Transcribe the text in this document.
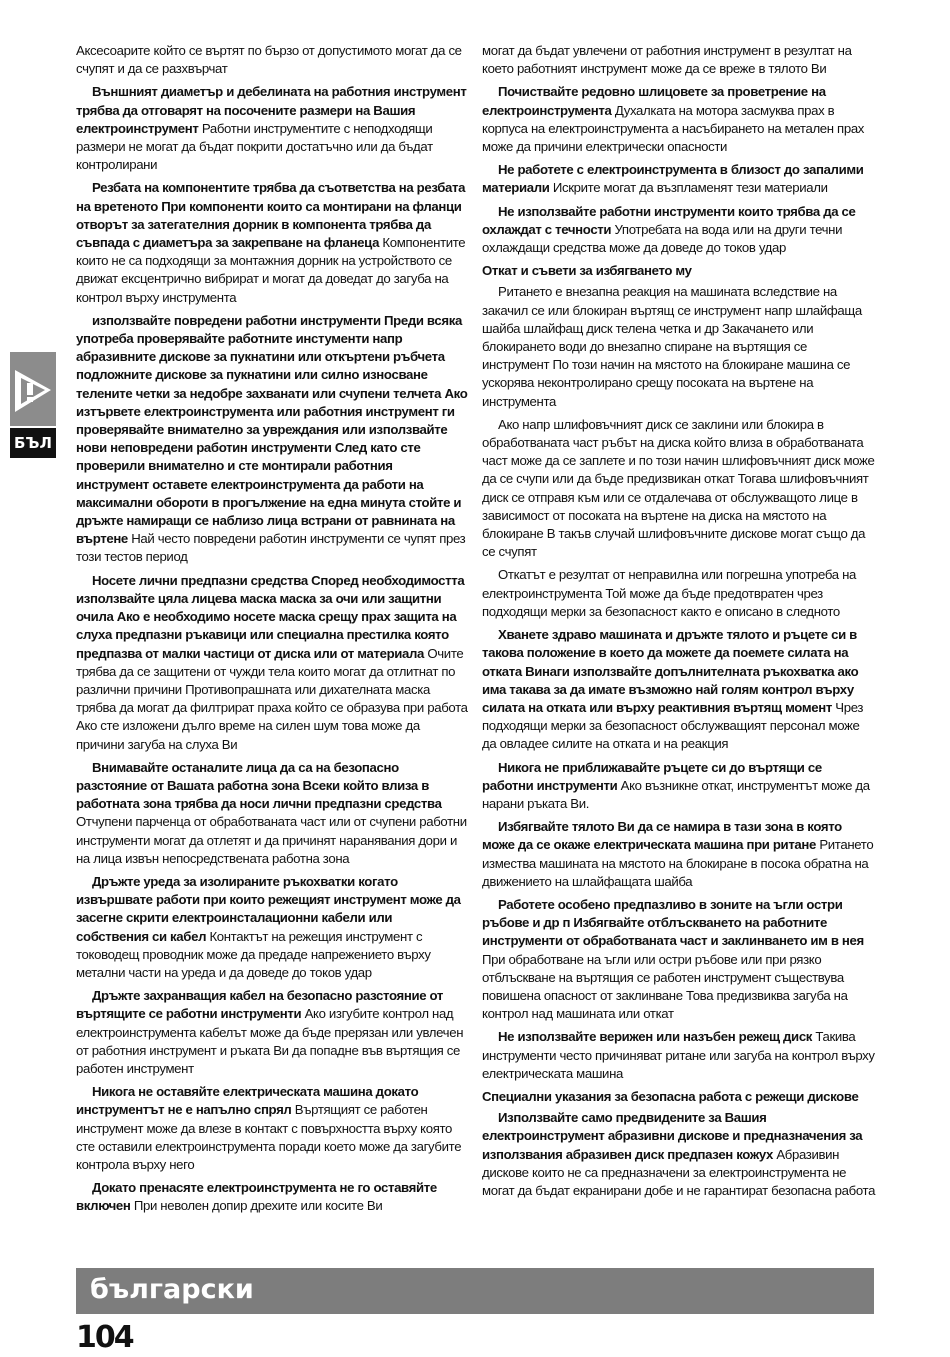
БЪЛ

Аксесоарите който се въртят по бързо от допустимото могат да се счупят и да се разхвърчат

Външният диаметър и дебелината на работния инструмент трябва да отговарят на посочените размери на Вашия електроинструмент Работни инструментите с неподходящи размери не могат да бъдат покрити достатъчно или да бъдат контролирани

Резбата на компонентите трябва да съответства на резбата на вретеното При компоненти които са монтирани на фланци отворът за затегателния дорник в компонента трябва да съвпада с диаметъра за закрепване на фланеца Компонентите които не са подходящи за монтажния дорник на устройството се движат ексцентрично вибрират и могат да доведат до загуба на контрол върху инструмента

използвайте повредени работни инструменти Преди всяка употреба проверявайте работните инстументи напр абразивните дискове за пукнатини или откъртени ръбчета подложните дискове за пукнатини или силно износване телените четки за недобре захванати или счупени телчета Ако изтървете електроинструмента или работния инструмент ги проверявайте внимателно за увреждания или използвайте нови неповредени работин инструменти След като сте проверили внимателно и сте монтирали работния инструмент оставете електроинструмента да работи на максимални обороти в прогължение на една минута стойте и дръжте намиращи се наблизо лица встрани от равнината на въртене Най често повредени работин инструменти се чупят през този тестов период

Носете лични предпазни средства Според необходимостта използвайте цяла лицева маска маска за очи или защитни очила Ако е необходимо носете маска срещу прах защита на слуха предпазни ръкавици или специална престилка която предпазва от малки частици от диска или от материала Очите трябва да се защитени от чужди тела които могат да отлитнат по различни причини Противопрашната или дихателната маска трябва да могат да филтрират праха който се образува при работа Ако сте изложени дълго време на силен шум това може да причини загуба на слуха Ви

Внимавайте останалите лица да са на безопасно разстояние от Вашата работна зона Всеки който влиза в работната зона трябва да носи лични предпазни средства Отчупени парченца от обработваната част или от счупени работни инструменти могат да отлетят и да причинят наранявания дори и на лица извън непосредствената работна зона

Дръжте уреда за изолираните ръкохватки когато извършвате работи при които режещият инструмент може да засегне скрити електроинсталационни кабели или собствения си кабел Контактът на режещия инструмент с тоководещ проводник може да предаде напрежението върху метални части на уреда и да доведе до токов удар

Дръжте захранващия кабел на безопасно разстояние от въртящите се работни инструменти Ако изгубите контрол над електроинструмента кабелът може да бъде прерязан или увлечен от работния инструмент и ръката Ви да попадне във въртящия се работен инструмент

Никога не оставяйте електрическата машина докато инструментът не е напълно спрял Въртящият се работен инструмент може да влезе в контакт с повърхността върху която сте оставили електроинструмента поради което може да загубите контрола върху него

Докато пренасяте електроинструмента не го оставяйте включен При неволен допир дрехите или косите Ви

могат да бъдат увлечени от работния инструмент в резултат на което работният инструмент може да се вреже в тялото Ви

Почиствайте редовно шлицовете за проветрение на електроинструмента Духалката на мотора засмуква прах в корпуса на електроинструмента а насъбирането на метален прах може да причини електрически опасности

Не работете с електроинструмента в близост до запалими материали Искрите могат да възпламенят тези материали

Не използвайте работни инструменти които трябва да се охлаждат с течности Употребата на вода или на други течни охлаждащи средства може да доведе до токов удар

Откат и съвети за избягването му

Ритането е внезапна реакция на машината вследствие на закачил се или блокиран въртящ се инструмент напр шлайфаща шайба шлайфащ диск телена четка и др Закачането или блокирането води до внезапно спиране на въртящия се инструмент По този начин на мястото на блокиране машина се ускорява неконтролирано срещу посоката на въртене на инструмента

Ако напр шлифовъчният диск се заклини или блокира в обработваната част ръбът на диска който влиза в обработваната част може да се заплете и по този начин шлифовъчният диск може да се счупи или да бъде предизвикан откат Тогава шлифовъчният диск се отправя към или се отдалечава от обслужващото лице в зависимост от посоката на въртене на диска на мястото на блокиране В такъв случай шлифовъчните дискове могат също да се счупят

Откатът е резултат от неправилна или погрешна употреба на електроинструмента Той може да бъде предотвратен чрез подходящи мерки за безопасност както е описано в следното

Хванете здраво машината и дръжте тялото и ръцете си в такова положение в което да можете да поемете силата на отката Винаги използвайте допълнителната ръкохватка ако има такава за да имате възможно най голям контрол върху силата на отката или върху реактивния въртящ момент Чрез подходящи мерки за безопасност обслужващият персонал може да овладее силите на отката и на реакция

Никога не приближавайте ръцете си до въртящи се работни инструменти Ако възникне откат, инструментът може да нарани ръката Ви.

Избягвайте тялото Ви да се намира в тази зона в която може да се окаже електрическата машина при ритане Ритането измества машината на мястото на блокиране в посока обратна на движението на шлайфащата шайба

Работете особено предпазливо в зоните на ъгли остри ръбове и др п Избягвайте отблъскването на работните инструменти от обработваната част и заклинването им в нея При обработване на ъгли или остри ръбове или при рязко отблъскване на въртящия се работен инструмент съществува повишена опасност от заклинване Това предизвиква загуба на контрол над машината или откат

Не използвайте верижен или назъбен режещ диск Такива инструменти често причиняват ритане или загуба на контрол върху електрическата машина

Специални указания за безопасна работа с режещи дискове

Използвайте само предвидените за Вашия електроинструмент абразивни дискове и предназначения за използвания абразивен диск предпазен кожух Абразивин дискове които не са предназначени за електроинструмента не могат да бъдат екранирани добе и не гарантират безопасна работа

български
104
